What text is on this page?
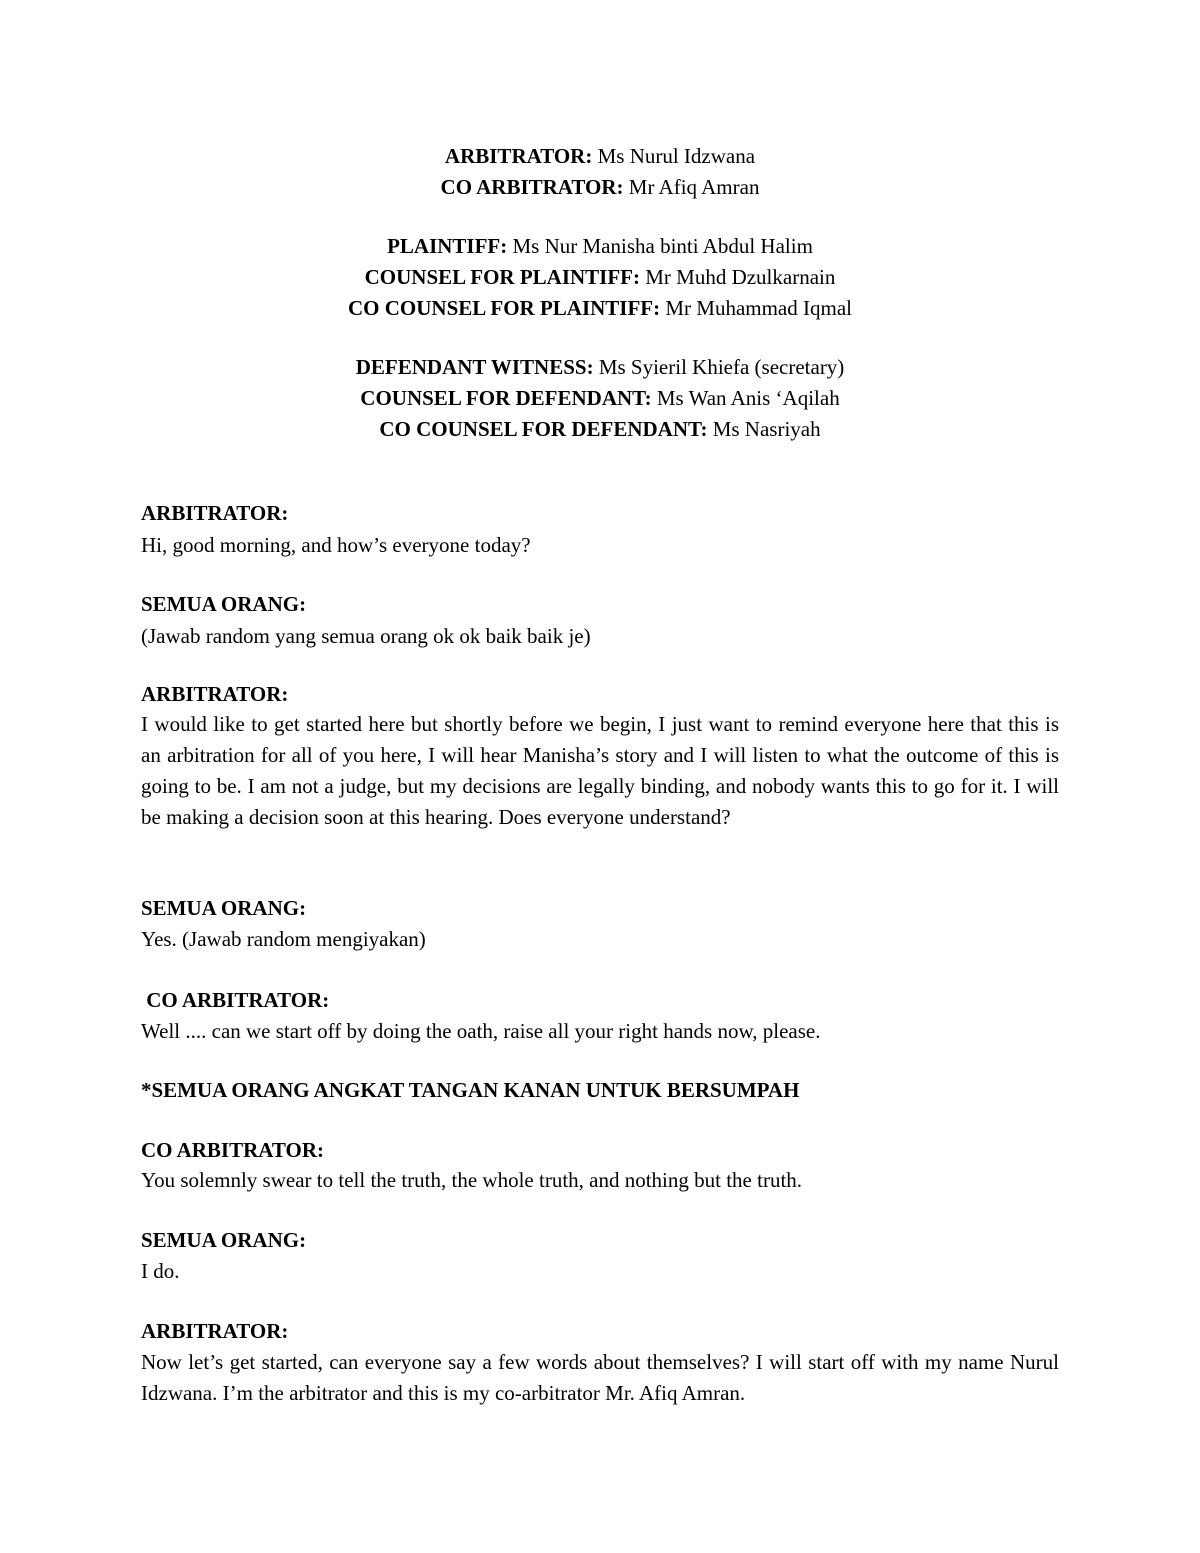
ARBITRATOR: Ms Nurul Idzwana
CO ARBITRATOR: Mr Afiq Amran
PLAINTIFF: Ms Nur Manisha binti Abdul Halim
COUNSEL FOR PLAINTIFF: Mr Muhd Dzulkarnain
CO COUNSEL FOR PLAINTIFF: Mr Muhammad Iqmal
DEFENDANT WITNESS: Ms Syieril Khiefa (secretary)
COUNSEL FOR DEFENDANT: Ms Wan Anis ‘Aqilah
CO COUNSEL FOR DEFENDANT: Ms Nasriyah
ARBITRATOR:
Hi, good morning, and how’s everyone today?
SEMUA ORANG:
(Jawab random yang semua orang ok ok baik baik je)
ARBITRATOR:
I would like to get started here but shortly before we begin, I just want to remind everyone here that this is an arbitration for all of you here, I will hear Manisha’s story and I will listen to what the outcome of this is going to be. I am not a judge, but my decisions are legally binding, and nobody wants this to go for it. I will be making a decision soon at this hearing. Does everyone understand?
SEMUA ORANG:
Yes. (Jawab random mengiyakan)
CO ARBITRATOR:
Well .... can we start off by doing the oath, raise all your right hands now, please.
*SEMUA ORANG ANGKAT TANGAN KANAN UNTUK BERSUMPAH
CO ARBITRATOR:
You solemnly swear to tell the truth, the whole truth, and nothing but the truth.
SEMUA ORANG:
I do.
ARBITRATOR:
Now let’s get started, can everyone say a few words about themselves? I will start off with my name Nurul Idzwana. I’m the arbitrator and this is my co-arbitrator Mr. Afiq Amran.
